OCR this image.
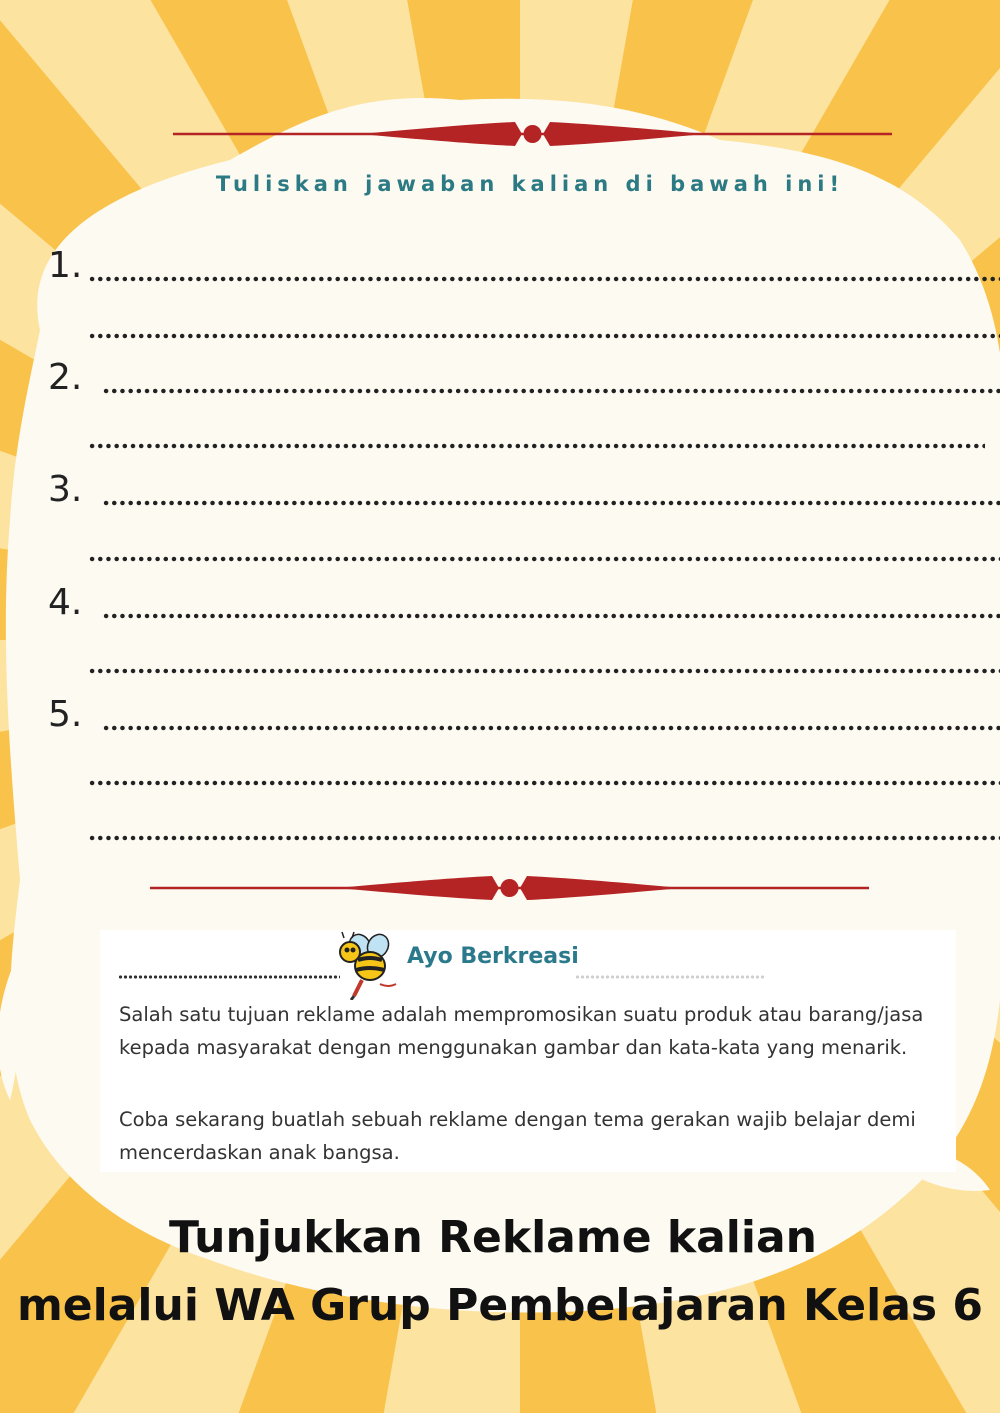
Tuliskan jawaban kalian di bawah ini!
1.
2.
3.
4.
5.
Ayo Berkreasi
Salah satu tujuan reklame adalah mempromosikan suatu produk atau barang/jasa kepada masyarakat dengan menggunakan gambar dan kata-kata yang menarik.
Coba sekarang buatlah sebuah reklame dengan tema gerakan wajib belajar demi mencerdaskan anak bangsa.
Tunjukkan Reklame kalian
melalui WA Grup Pembelajaran Kelas 6
